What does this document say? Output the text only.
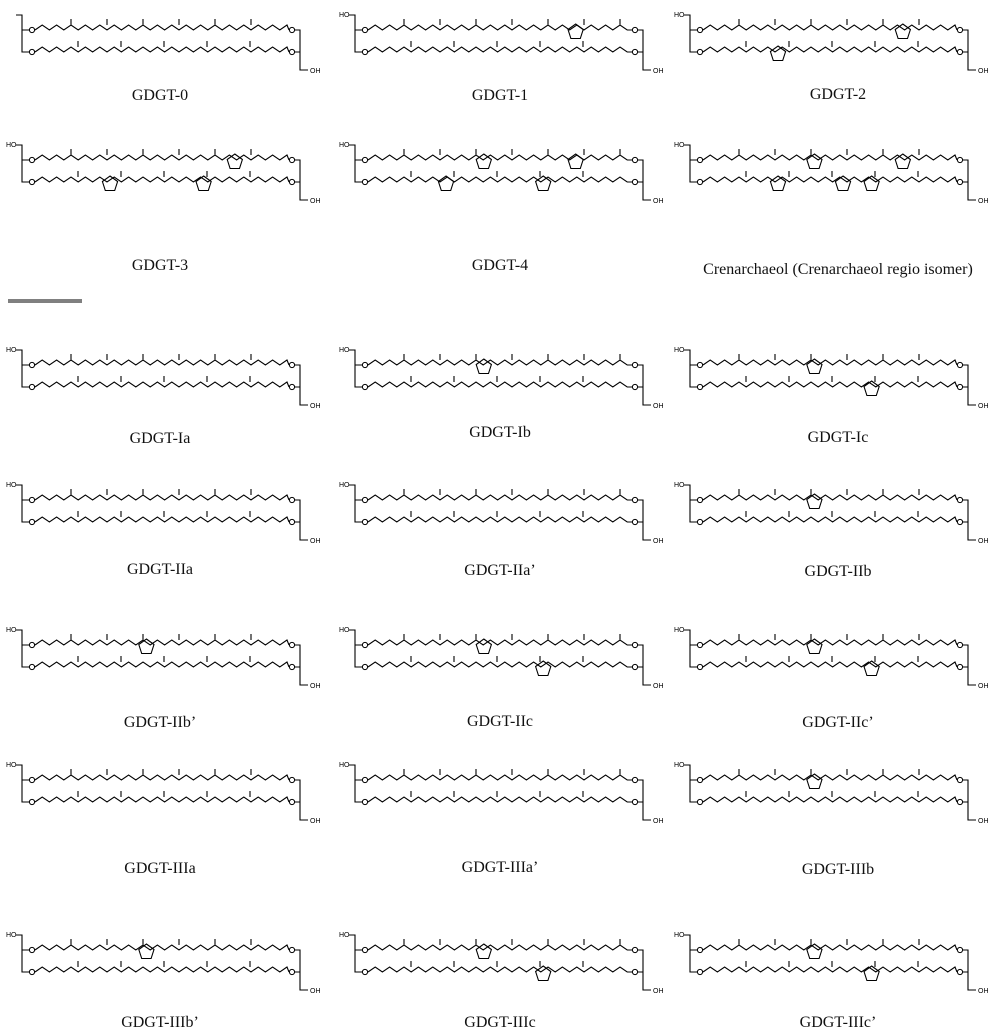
OH
GDGT-0
HO
OH
GDGT-1
HO
OH
GDGT-2
HO
OH
GDGT-3
HO
OH
GDGT-4
HO
OH
Crenarchaeol (Crenarchaeol regio isomer)
HO
OH
GDGT-Ia
HO
OH
GDGT-Ib
HO
OH
GDGT-Ic
HO
OH
GDGT-IIa
HO
OH
GDGT-IIa’
HO
OH
GDGT-IIb
HO
OH
GDGT-IIb’
HO
OH
GDGT-IIc
HO
OH
GDGT-IIc’
HO
OH
GDGT-IIIa
HO
OH
GDGT-IIIa’
HO
OH
GDGT-IIIb
HO
OH
GDGT-IIIb’
HO
OH
GDGT-IIIc
HO
OH
GDGT-IIIc’
